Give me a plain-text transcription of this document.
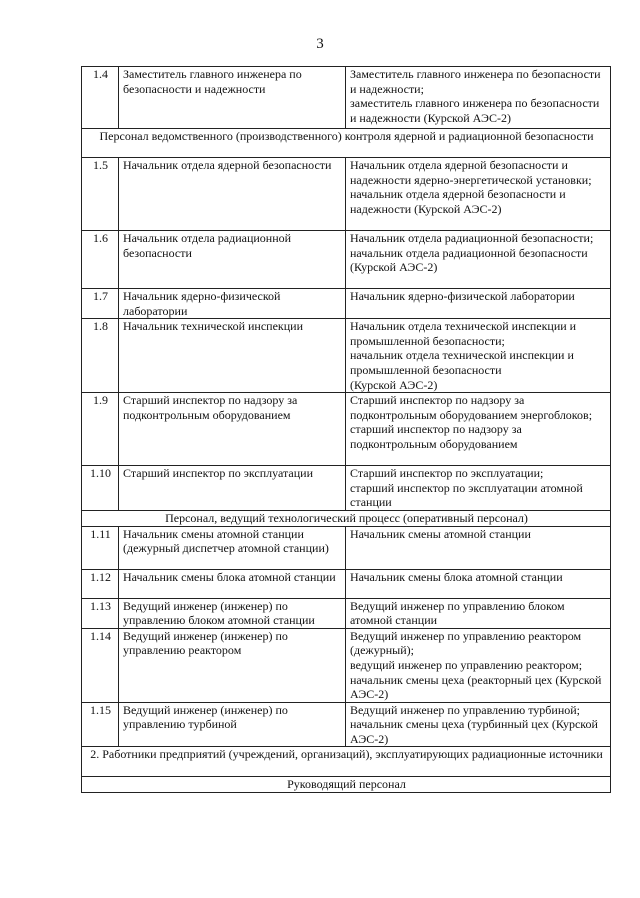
3
1.4	Заместитель главного инженера по безопасности и надежности	Заместитель главного инженера по безопасности и надежности;
заместитель главного инженера по безопасности и надежности (Курской АЭС-2)
Персонал ведомственного (производственного) контроля ядерной и радиационной безопасности		
1.5	Начальник отдела ядерной безопасности	Начальник отдела ядерной безопасности и надежности ядерно-энергетической установки;
начальник отдела ядерной безопасности и надежности (Курской АЭС-2)
1.6	Начальник отдела радиационной безопасности	Начальник отдела радиационной безопасности;
начальник отдела радиационной безопасности (Курской АЭС-2)
1.7	Начальник ядерно-физической лаборатории	Начальник ядерно-физической лаборатории
1.8	Начальник технической инспекции	Начальник отдела технической инспекции и промышленной безопасности;
начальник отдела технической инспекции и промышленной безопасности
(Курской АЭС-2)
1.9	Старший инспектор по надзору за подконтрольным оборудованием	Старший инспектор по надзору за подконтрольным оборудованием энергоблоков;
старший инспектор по надзору за подконтрольным оборудованием
1.10	Старший инспектор по эксплуатации	Старший инспектор по эксплуатации;
старший инспектор по эксплуатации атомной станции
Персонал, ведущий технологический процесс (оперативный персонал)		
1.11	Начальник смены атомной станции (дежурный диспетчер атомной станции)	Начальник смены атомной станции
1.12	Начальник смены блока атомной станции	Начальник смены блока атомной станции
1.13	Ведущий инженер (инженер) по управлению блоком атомной станции	Ведущий инженер по управлению блоком атомной станции
1.14	Ведущий инженер (инженер) по управлению реактором	Ведущий инженер по управлению реактором (дежурный);
ведущий инженер по управлению реактором;
начальник смены цеха (реакторный цех (Курской АЭС-2)
1.15	Ведущий инженер (инженер) по управлению турбиной	Ведущий инженер по управлению турбиной;
начальник смены цеха (турбинный цех (Курской АЭС-2)
2. Работники предприятий (учреждений, организаций), эксплуатирующих радиационные источники		
Руководящий персонал		
